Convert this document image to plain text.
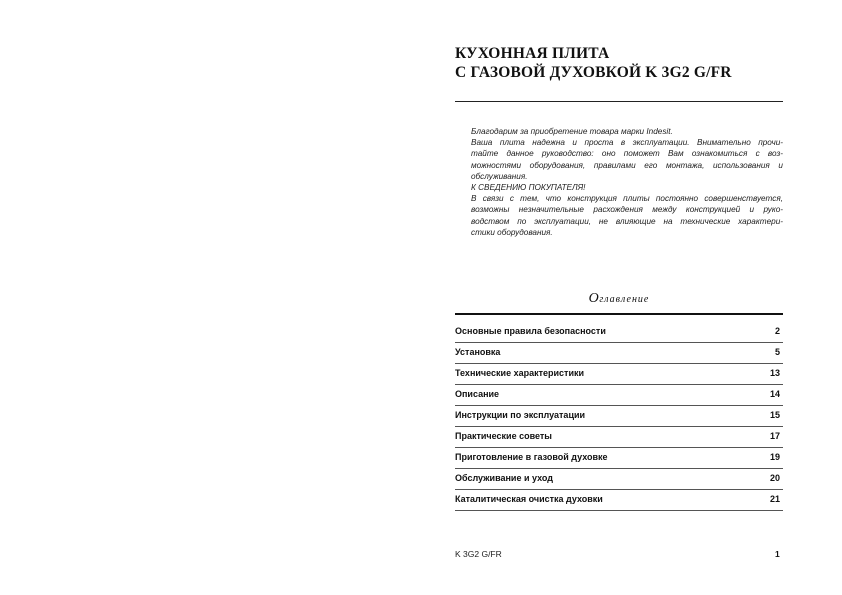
КУХОННАЯ ПЛИТА
С ГАЗОВОЙ ДУХОВКОЙ K 3G2 G/FR
Благодарим за приобретение товара марки Indesit.
Ваша плита надежна и проста в эксплуатации. Внимательно прочи-
тайте данное руководство: оно поможет Вам ознакомиться с воз-
можностями оборудования, правилами его монтажа, использования и
обслуживания.
К СВЕДЕНИЮ ПОКУПАТЕЛЯ!
В связи с тем, что конструкция плиты постоянно совершенствуется,
возможны незначительные расхождения между конструкцией и руко-
водством по эксплуатации, не влияющие на технические характери-
стики оборудования.
Оглавление
Основные правила безопасности	2
Установка	5
Технические характеристики	13
Описание	14
Инструкции по эксплуатации	15
Практические советы	17
Приготовление в газовой духовке	19
Обслуживание и уход	20
Каталитическая очистка духовки	21
K 3G2 G/FR	1
